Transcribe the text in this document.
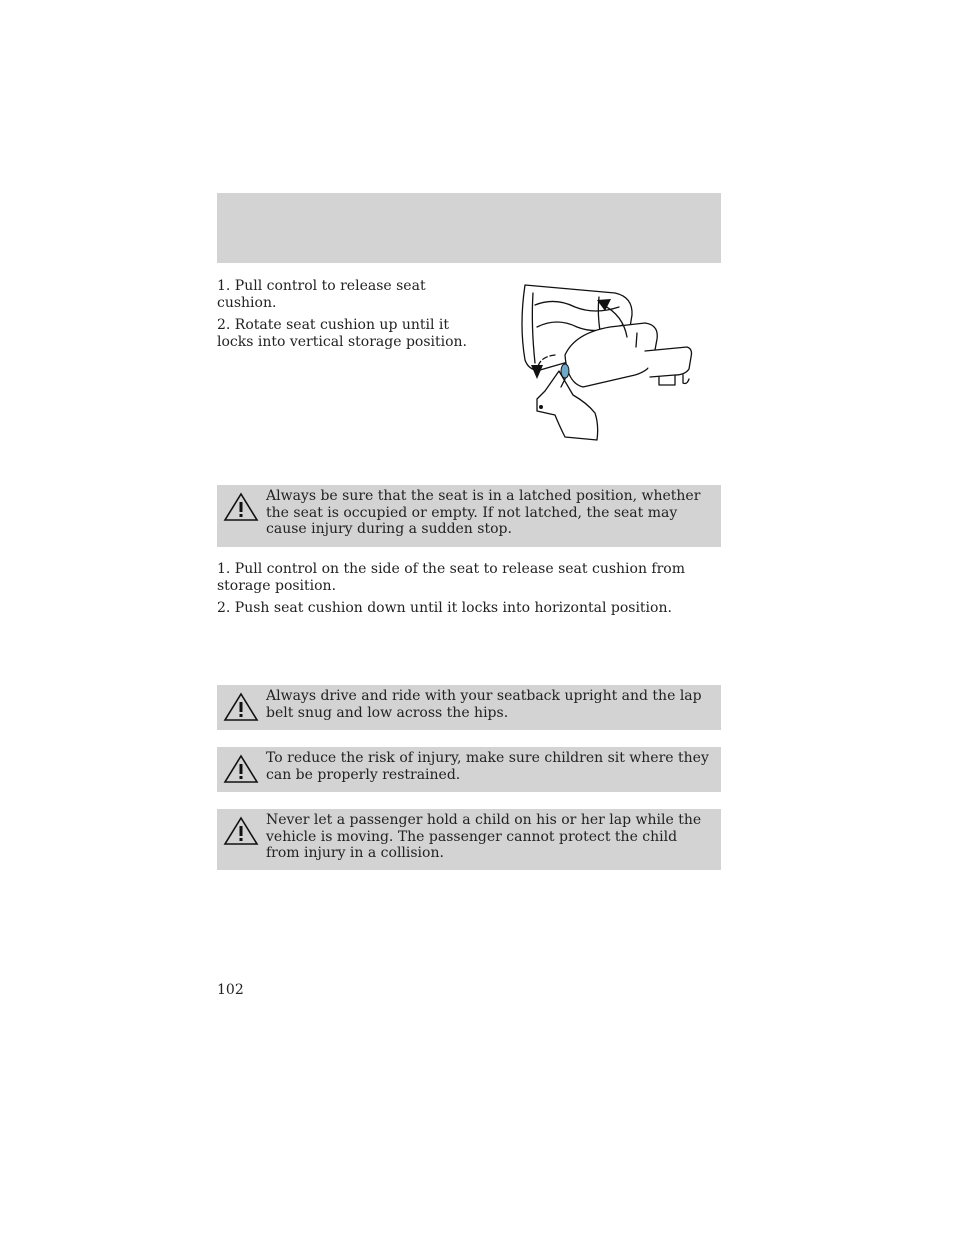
1. Pull control to release seat cushion.

2. Rotate seat cushion up until it locks into vertical storage position.

Always be sure that the seat is in a latched position, whether the seat is occupied or empty. If not latched, the seat may cause injury during a sudden stop.

1. Pull control on the side of the seat to release seat cushion from storage position.

2. Push seat cushion down until it locks into horizontal position.

Always drive and ride with your seatback upright and the lap belt snug and low across the hips.
To reduce the risk of injury, make sure children sit where they can be properly restrained.
Never let a passenger hold a child on his or her lap while the vehicle is moving. The passenger cannot protect the child from injury in a collision.
102
